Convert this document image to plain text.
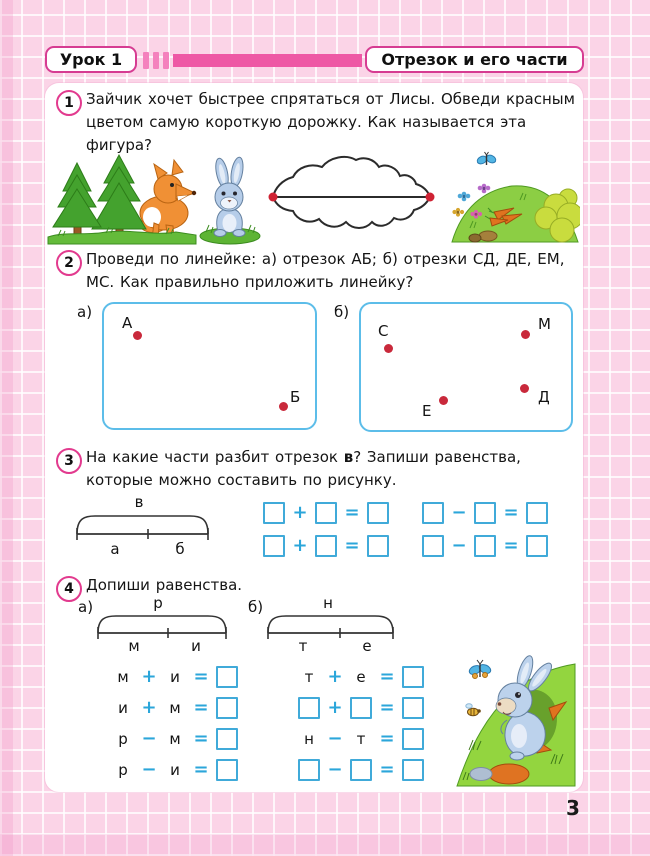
Урок 1	Отрезок и его части
1 Зайчик хочет быстрее спрятаться от Лисы. Обведи красным цветом самую короткую дорожку. Как называется эта фигура?
2 Проведи по линейке: а) отрезок АБ; б) отрезки СД, ДЕ, ЕМ, МС. Как правильно приложить линейку?
а)
А
Б
б)
С	М
Е
Д
3 На какие части разбит отрезок в? Запиши равенства, которые можно составить по рисунку.
в
а	б
+ =
+ =
− =
− =
4 Допиши равенства.
а)	р
м	и
б)	н
т	е
м + и =
и + м =
р − м =
р − и =
т + е =
+ =
н − т =
− =
3
